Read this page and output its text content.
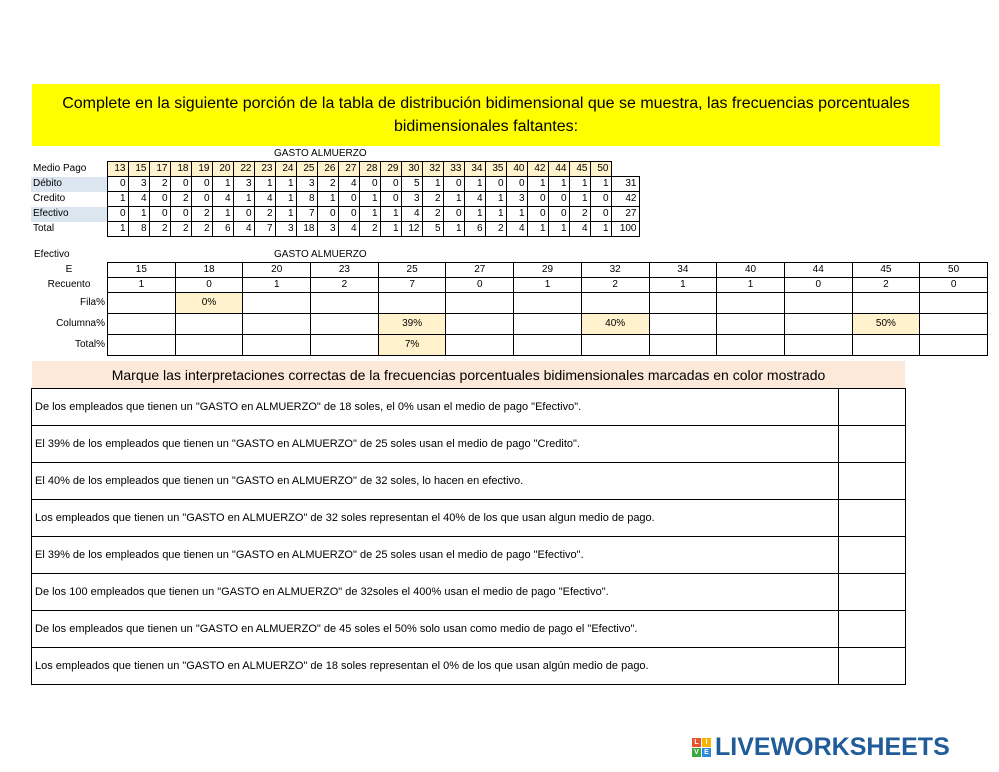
Complete en la siguiente porción de la tabla de distribución bidimensional que se muestra, las frecuencias porcentuales bidimensionales faltantes:
GASTO ALMUERZO
Medio Pago	13	15	17	18	19	20	22	23	24	25	26	27	28	29	30	32	33	34	35	40	42	44	45	50	
Débito	0	3	2	0	0	1	3	1	1	3	2	4	0	0	5	1	0	1	0	0	1	1	1	1	31
Credito	1	4	0	2	0	4	1	4	1	8	1	0	1	0	3	2	1	4	1	3	0	0	1	0	42
Efectivo	0	1	0	0	2	1	0	2	1	7	0	0	1	1	4	2	0	1	1	1	0	0	2	0	27
Total	1	8	2	2	2	6	4	7	3	18	3	4	2	1	12	5	1	6	2	4	1	1	4	1	100
Efectivo	GASTO ALMUERZO
E	15	18	20	23	25	27	29	32	34	40	44	45	50
Recuento	1	0	1	2	7	0	1	2	1	1	0	2	0
Fila%		0%											
Columna%					39%			40%				50%	
Total%					7%								
Marque las interpretaciones correctas de la frecuencias porcentuales bidimensionales marcadas en color mostrado
De los empleados que tienen un "GASTO en ALMUERZO" de 18 soles, el 0% usan el medio de pago "Efectivo".	
El 39% de los empleados que tienen un "GASTO en ALMUERZO" de 25 soles usan el medio de pago "Credito".	
El 40% de los empleados que tienen un "GASTO en ALMUERZO" de 32 soles, lo hacen en efectivo.	
Los empleados que tienen un "GASTO en ALMUERZO" de 32 soles representan el 40% de los que usan algun medio de pago.	
El 39% de los empleados que tienen un "GASTO en ALMUERZO" de 25 soles usan el medio de pago "Efectivo".	
De los 100 empleados que tienen un "GASTO en ALMUERZO" de 32soles el 400% usan el medio de pago "Efectivo".	
De los empleados que tienen un "GASTO en ALMUERZO" de 45 soles el 50% solo usan como medio de pago el "Efectivo".	
Los empleados que tienen un "GASTO en ALMUERZO" de 18 soles representan el 0% de los que usan algún medio de pago.	
L I
V E LIVEWORKSHEETS
